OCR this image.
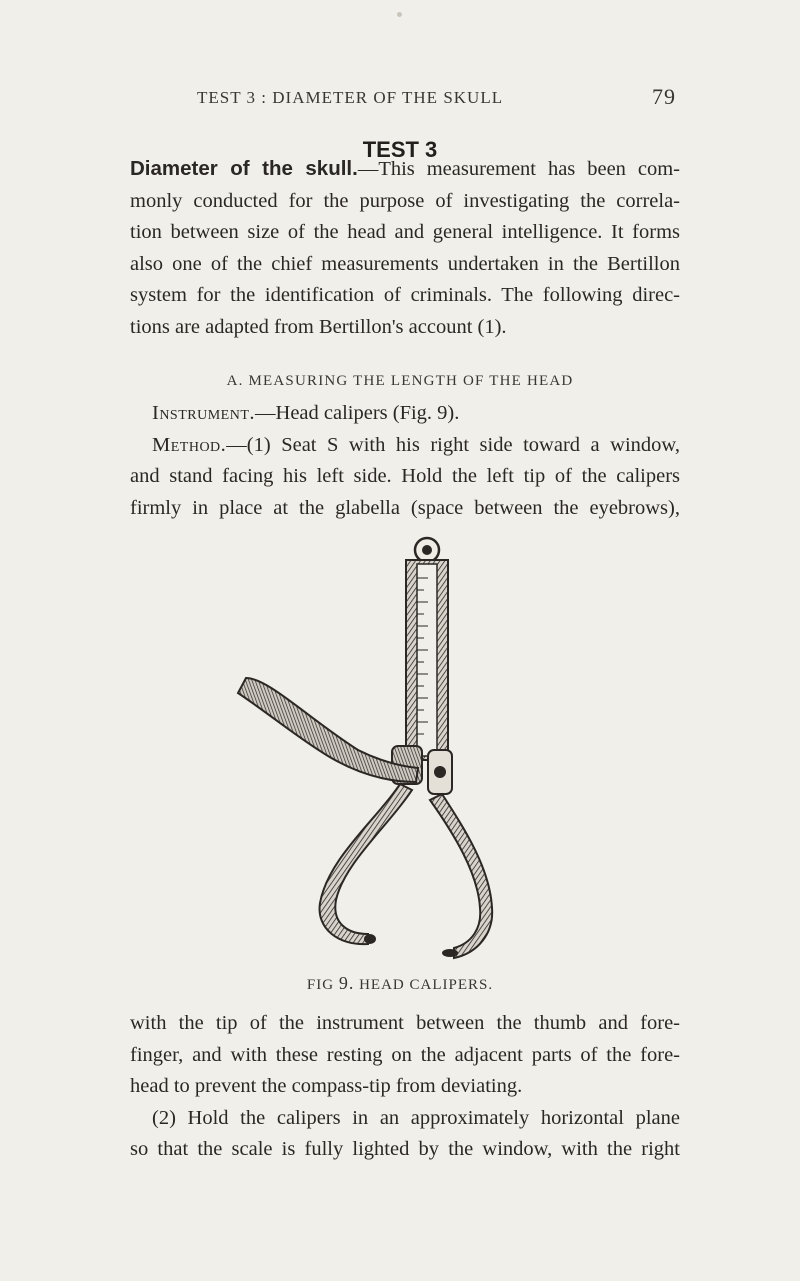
TEST 3 : DIAMETER OF THE SKULL	79
TEST 3
Diameter of the skull.—This measurement has been com-
monly conducted for the purpose of investigating the correla-
tion between size of the head and general intelligence. It forms
also one of the chief measurements undertaken in the Bertillon
system for the identification of criminals. The following direc-
tions are adapted from Bertillon's account (1).
A. MEASURING THE LENGTH OF THE HEAD
Instrument.—Head calipers (Fig. 9).
Method.—(1) Seat S with his right side toward a window,
and stand facing his left side. Hold the left tip of the calipers
firmly in place at the glabella (space between the eyebrows),
FIG 9. HEAD CALIPERS.
with the tip of the instrument between the thumb and fore-
finger, and with these resting on the adjacent parts of the fore-
head to prevent the compass-tip from deviating.
(2) Hold the calipers in an approximately horizontal plane
so that the scale is fully lighted by the window, with the right
